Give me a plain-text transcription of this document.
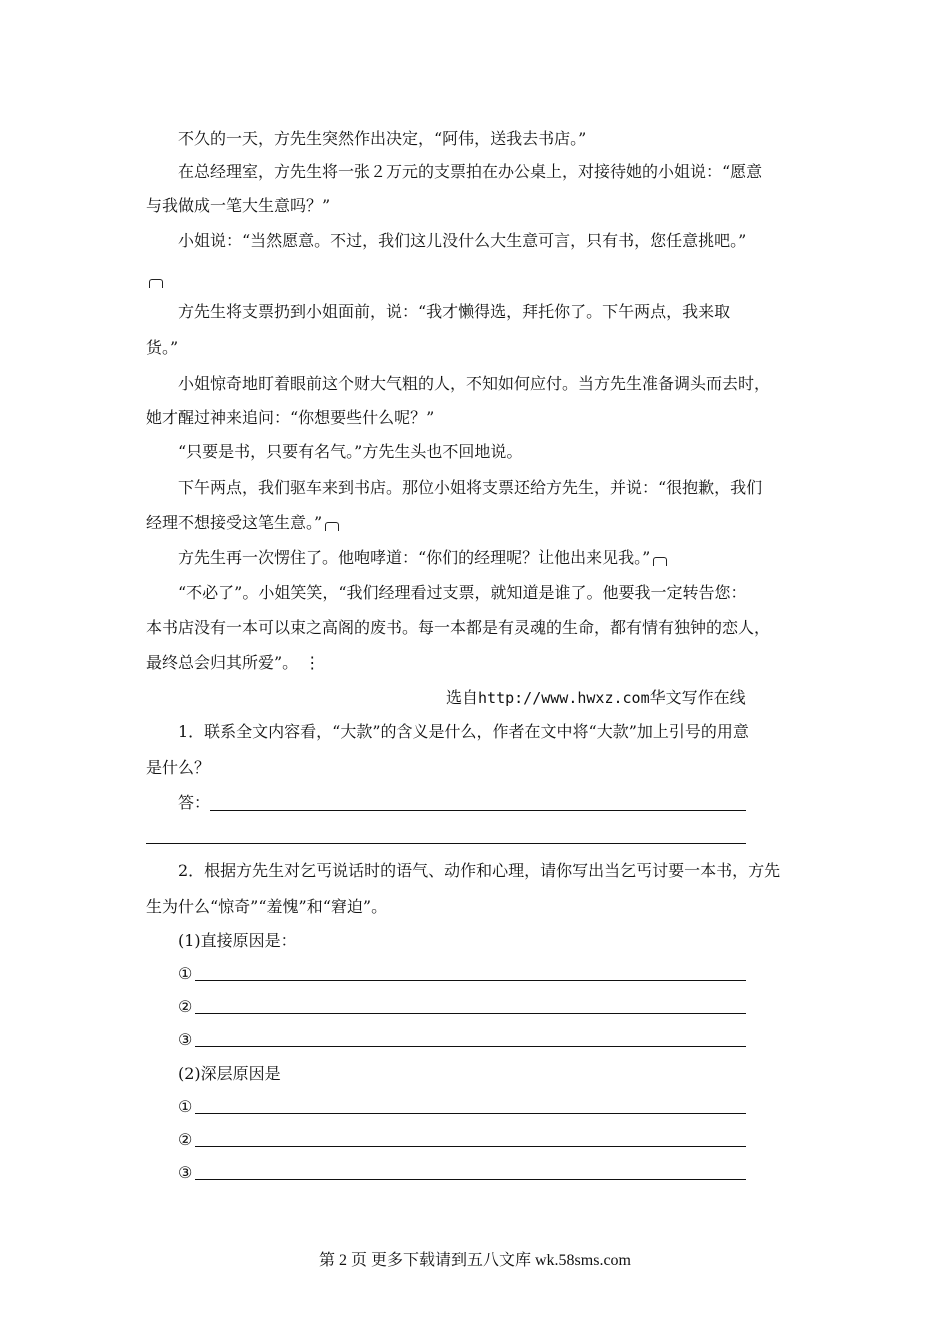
不久的一天，方先生突然作出决定，“阿伟，送我去书店。”
在总经理室，方先生将一张２万元的支票拍在办公桌上，对接待她的小姐说：“愿意
与我做成一笔大生意吗？”
小姐说：“当然愿意。不过，我们这儿没什么大生意可言，只有书，您任意挑吧。”
方先生将支票扔到小姐面前，说：“我才懒得选，拜托你了。下午两点，我来取
货。”
小姐惊奇地盯着眼前这个财大气粗的人，不知如何应付。当方先生准备调头而去时，
她才醒过神来追问：“你想要些什么呢？”
“只要是书，只要有名气。”方先生头也不回地说。
下午两点，我们驱车来到书店。那位小姐将支票还给方先生，并说：“很抱歉，我们
经理不想接受这笔生意。”
方先生再一次愣住了。他咆哮道：“你们的经理呢？让他出来见我。”
“不必了”。小姐笑笑，“我们经理看过支票，就知道是谁了。他要我一定转告您：
本书店没有一本可以束之高阁的废书。每一本都是有灵魂的生命，都有情有独钟的恋人，
最终总会归其所爱”。 ⋮
选自http://www.hwxz.com华文写作在线
1．联系全文内容看，“大款”的含义是什么，作者在文中将“大款”加上引号的用意
是什么？
答：
2．根据方先生对乞丐说话时的语气、动作和心理，请你写出当乞丐讨要一本书，方先
生为什么“惊奇”“羞愧”和“窘迫”。
(1)直接原因是：
①
②
③
(2)深层原因是
①
②
③
第 2 页 更多下载请到五八文库 wk.58sms.com
